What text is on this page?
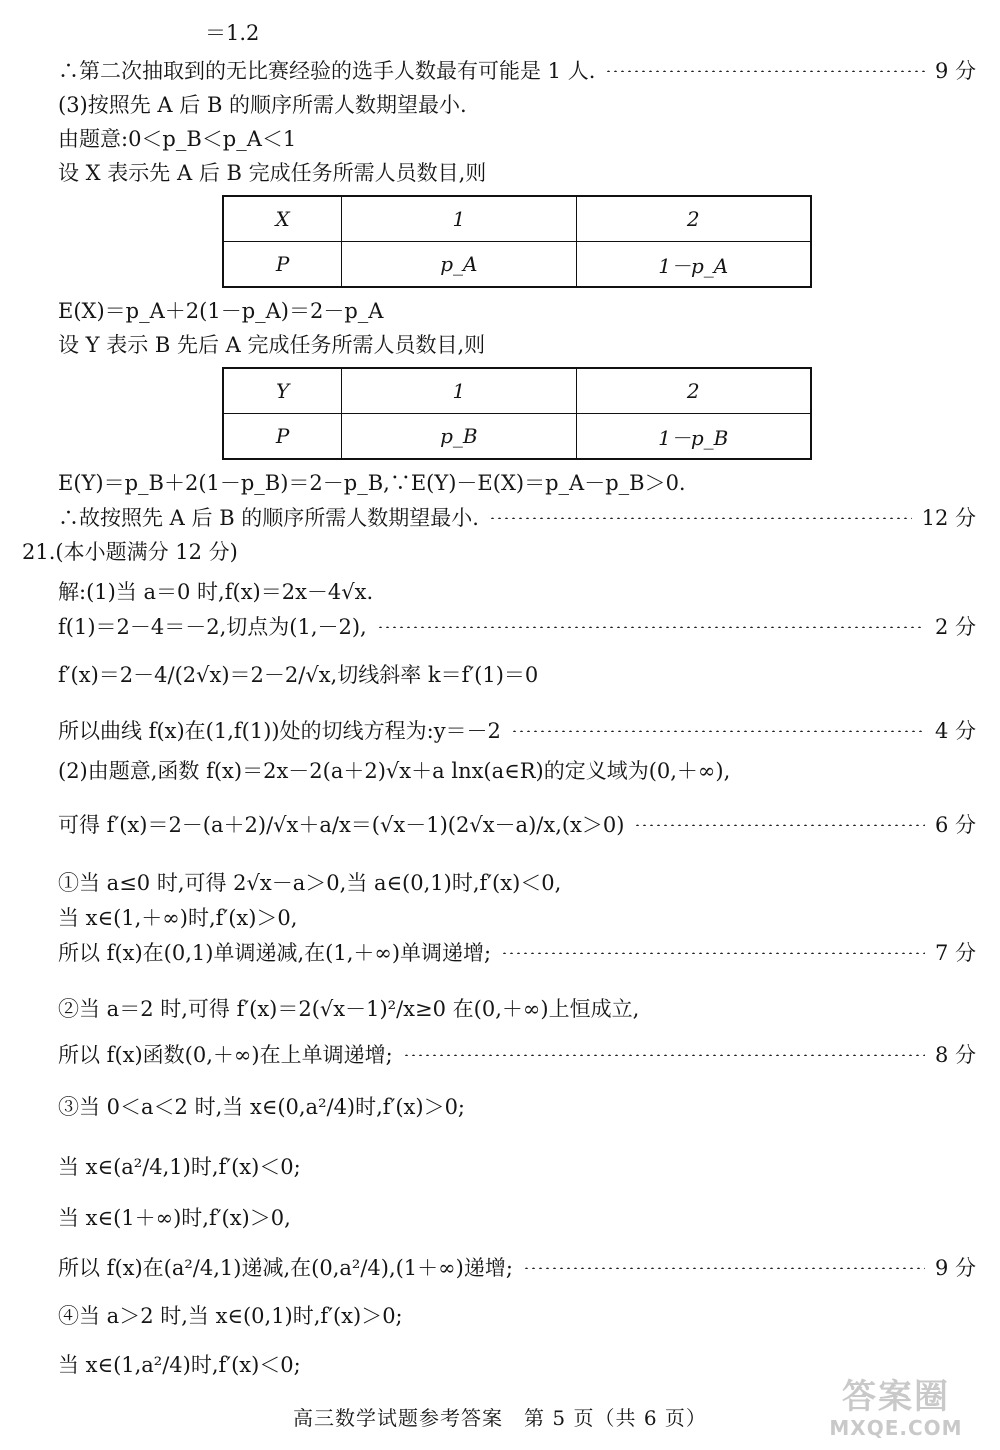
＝1.2
∴第二次抽取到的无比赛经验的选手人数最有可能是 1 人.	9 分
(3)按照先 A 后 B 的顺序所需人数期望最小.
由题意:0＜p_B＜p_A＜1
设 X 表示先 A 后 B 完成任务所需人员数目,则
X	1	2
P	p_A	1－p_A
E(X)＝p_A＋2(1－p_A)＝2－p_A
设 Y 表示 B 先后 A 完成任务所需人员数目,则
Y	1	2
P	p_B	1－p_B
E(Y)＝p_B＋2(1－p_B)＝2－p_B,∵E(Y)－E(X)＝p_A－p_B＞0.
∴故按照先 A 后 B 的顺序所需人数期望最小.	12 分
21.(本小题满分 12 分)
解:(1)当 a＝0 时,f(x)＝2x－4√x.
f(1)＝2－4＝－2,切点为(1,－2),	2 分
f′(x)＝2－4/(2√x)＝2－2/√x,切线斜率 k＝f′(1)＝0
所以曲线 f(x)在(1,f(1))处的切线方程为:y＝－2	4 分
(2)由题意,函数 f(x)＝2x－2(a＋2)√x＋a lnx(a∈R)的定义域为(0,＋∞),
可得 f′(x)＝2－(a＋2)/√x＋a/x＝(√x－1)(2√x－a)/x,(x＞0)	6 分
①当 a≤0 时,可得 2√x－a＞0,当 a∈(0,1)时,f′(x)＜0,
当 x∈(1,＋∞)时,f′(x)＞0,
所以 f(x)在(0,1)单调递减,在(1,＋∞)单调递增;	7 分
②当 a＝2 时,可得 f′(x)＝2(√x－1)²/x≥0 在(0,＋∞)上恒成立,
所以 f(x)函数(0,＋∞)在上单调递增;	8 分
③当 0＜a＜2 时,当 x∈(0,a²/4)时,f′(x)＞0;
当 x∈(a²/4,1)时,f′(x)＜0;
当 x∈(1＋∞)时,f′(x)＞0,
所以 f(x)在(a²/4,1)递减,在(0,a²/4),(1＋∞)递增;	9 分
④当 a＞2 时,当 x∈(0,1)时,f′(x)＞0;
当 x∈(1,a²/4)时,f′(x)＜0;
高三数学试题参考答案　第 5 页（共 6 页）
答案圈
MXQE.COM
